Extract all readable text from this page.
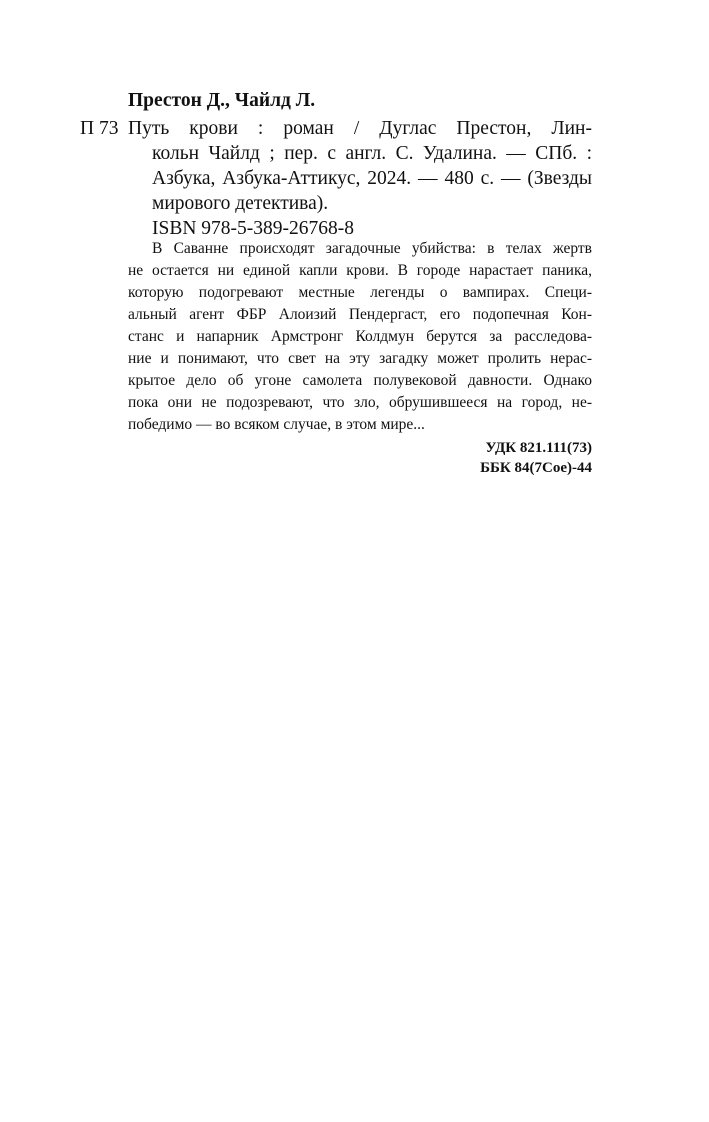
Престон Д., Чайлд Л.

П 73 Путь крови : роман / Дуглас Престон, Лин-

кольн Чайлд ; пер. с англ. С. Удалина. — СПб. :

Азбука, Азбука-Аттикус, 2024. — 480 с. — (Звезды

мирового детектива).

ISBN 978-5-389-26768-8

В Саванне происходят загадочные убийства: в телах жертв

не остается ни единой капли крови. В городе нарастает паника,

которую подогревают местные легенды о вампирах. Специ-

альный агент ФБР Алоизий Пендергаст, его подопечная Кон-

станс и напарник Армстронг Колдмун берутся за расследова-

ние и понимают, что свет на эту загадку может пролить нерас-

крытое дело об угоне самолета полувековой давности. Однако

пока они не подозревают, что зло, обрушившееся на город, не-

победимо — во всяком случае, в этом мире...

УДК 821.111(73)

ББК 84(7Сое)-44
